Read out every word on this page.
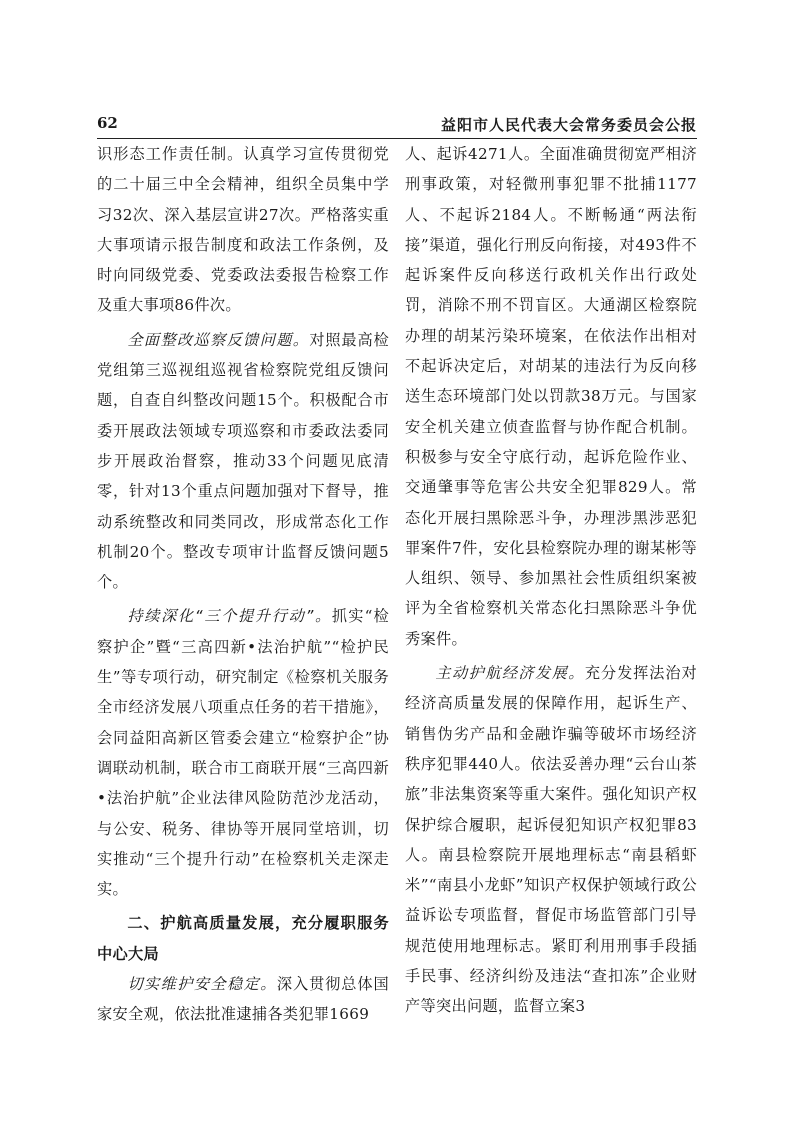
62	益阳市人民代表大会常务委员会公报

识形态工作责任制。认真学习宣传贯彻党的二十届三中全会精神，组织全员集中学习32次、深入基层宣讲27次。严格落实重大事项请示报告制度和政法工作条例，及时向同级党委、党委政法委报告检察工作及重大事项86件次。

全面整改巡察反馈问题。对照最高检党组第三巡视组巡视省检察院党组反馈问题，自查自纠整改问题15个。积极配合市委开展政法领域专项巡察和市委政法委同步开展政治督察，推动33个问题见底清零，针对13个重点问题加强对下督导，推动系统整改和同类同改，形成常态化工作机制20个。整改专项审计监督反馈问题5个。

持续深化“三个提升行动”。抓实“检察护企”暨“三高四新•法治护航”“检护民生”等专项行动，研究制定《检察机关服务全市经济发展八项重点任务的若干措施》，会同益阳高新区管委会建立“检察护企”协调联动机制，联合市工商联开展“三高四新•法治护航”企业法律风险防范沙龙活动，与公安、税务、律协等开展同堂培训，切实推动“三个提升行动”在检察机关走深走实。

二、护航高质量发展，充分履职服务中心大局

切实维护安全稳定。深入贯彻总体国家安全观，依法批准逮捕各类犯罪1669

人、起诉4271人。全面准确贯彻宽严相济刑事政策，对轻微刑事犯罪不批捕1177人、不起诉2184人。不断畅通“两法衔接”渠道，强化行刑反向衔接，对493件不起诉案件反向移送行政机关作出行政处罚，消除不刑不罚盲区。大通湖区检察院办理的胡某污染环境案，在依法作出相对不起诉决定后，对胡某的违法行为反向移送生态环境部门处以罚款38万元。与国家安全机关建立侦查监督与协作配合机制。积极参与安全守底行动，起诉危险作业、交通肇事等危害公共安全犯罪829人。常态化开展扫黑除恶斗争，办理涉黑涉恶犯罪案件7件，安化县检察院办理的谢某彬等人组织、领导、参加黑社会性质组织案被评为全省检察机关常态化扫黑除恶斗争优秀案件。

主动护航经济发展。充分发挥法治对经济高质量发展的保障作用，起诉生产、销售伪劣产品和金融诈骗等破坏市场经济秩序犯罪440人。依法妥善办理“云台山茶旅”非法集资案等重大案件。强化知识产权保护综合履职，起诉侵犯知识产权犯罪83人。南县检察院开展地理标志“南县稻虾米”“南县小龙虾”知识产权保护领域行政公益诉讼专项监督，督促市场监管部门引导规范使用地理标志。紧盯利用刑事手段插手民事、经济纠纷及违法“查扣冻”企业财产等突出问题，监督立案3
